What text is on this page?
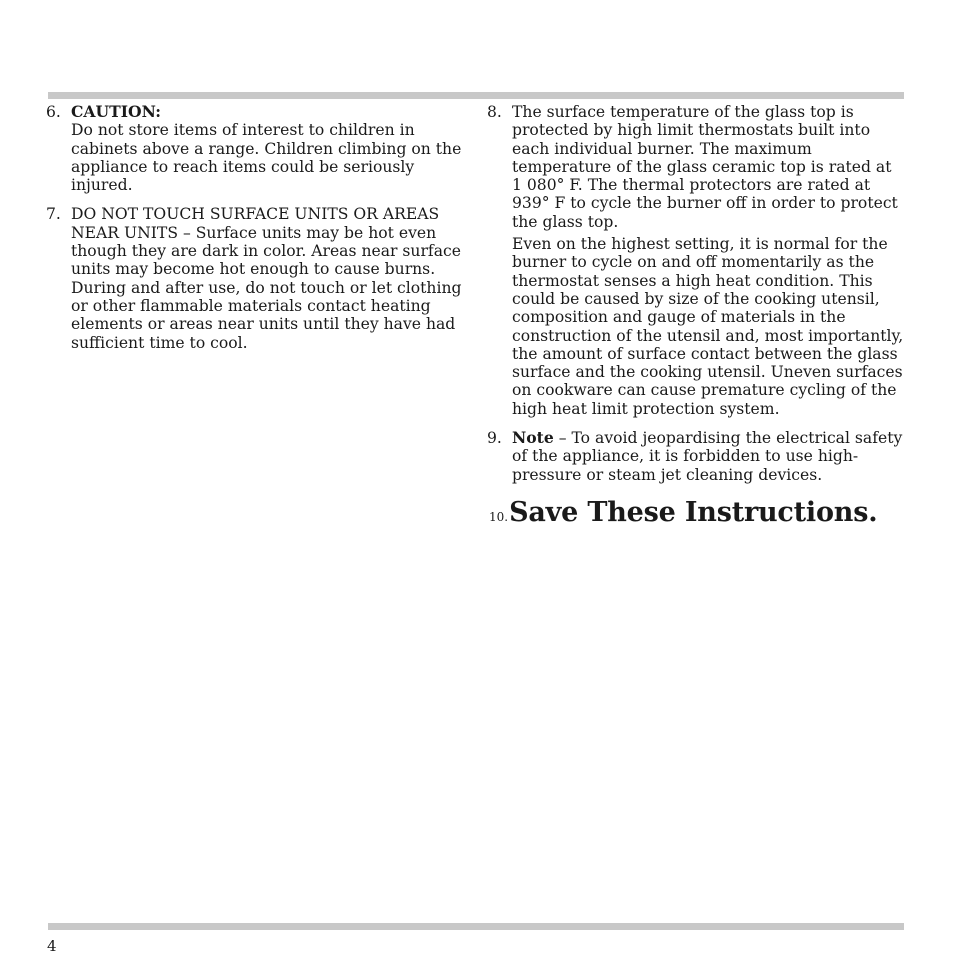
6. CAUTION:

Do not store items of interest to children in cabinets above a range. Children climbing on the appliance to reach items could be seriously injured.

7. DO NOT TOUCH SURFACE UNITS OR AREAS NEAR UNITS – Surface units may be hot even though they are dark in color. Areas near surface units may become hot enough to cause burns. During and after use, do not touch or let clothing or other flammable materials contact heating elements or areas near units until they have had sufficient time to cool.

8. The surface temperature of the glass top is protected by high limit thermostats built into each individual burner. The maximum temperature of the glass ceramic top is rated at 1 080° F. The thermal protectors are rated at 939° F to cycle the burner off in order to protect the glass top.

Even on the highest setting, it is normal for the burner to cycle on and off momentarily as the thermostat senses a high heat condition. This could be caused by size of the cooking utensil, composition and gauge of materials in the construction of the utensil and, most importantly, the amount of surface contact between the glass surface and the cooking utensil. Uneven surfaces on cookware can cause premature cycling of the high heat limit protection system.

9. Note – To avoid jeopardising the electrical safety of the appliance, it is forbidden to use high-pressure or steam jet cleaning devices.

10.Save These Instructions.
4
